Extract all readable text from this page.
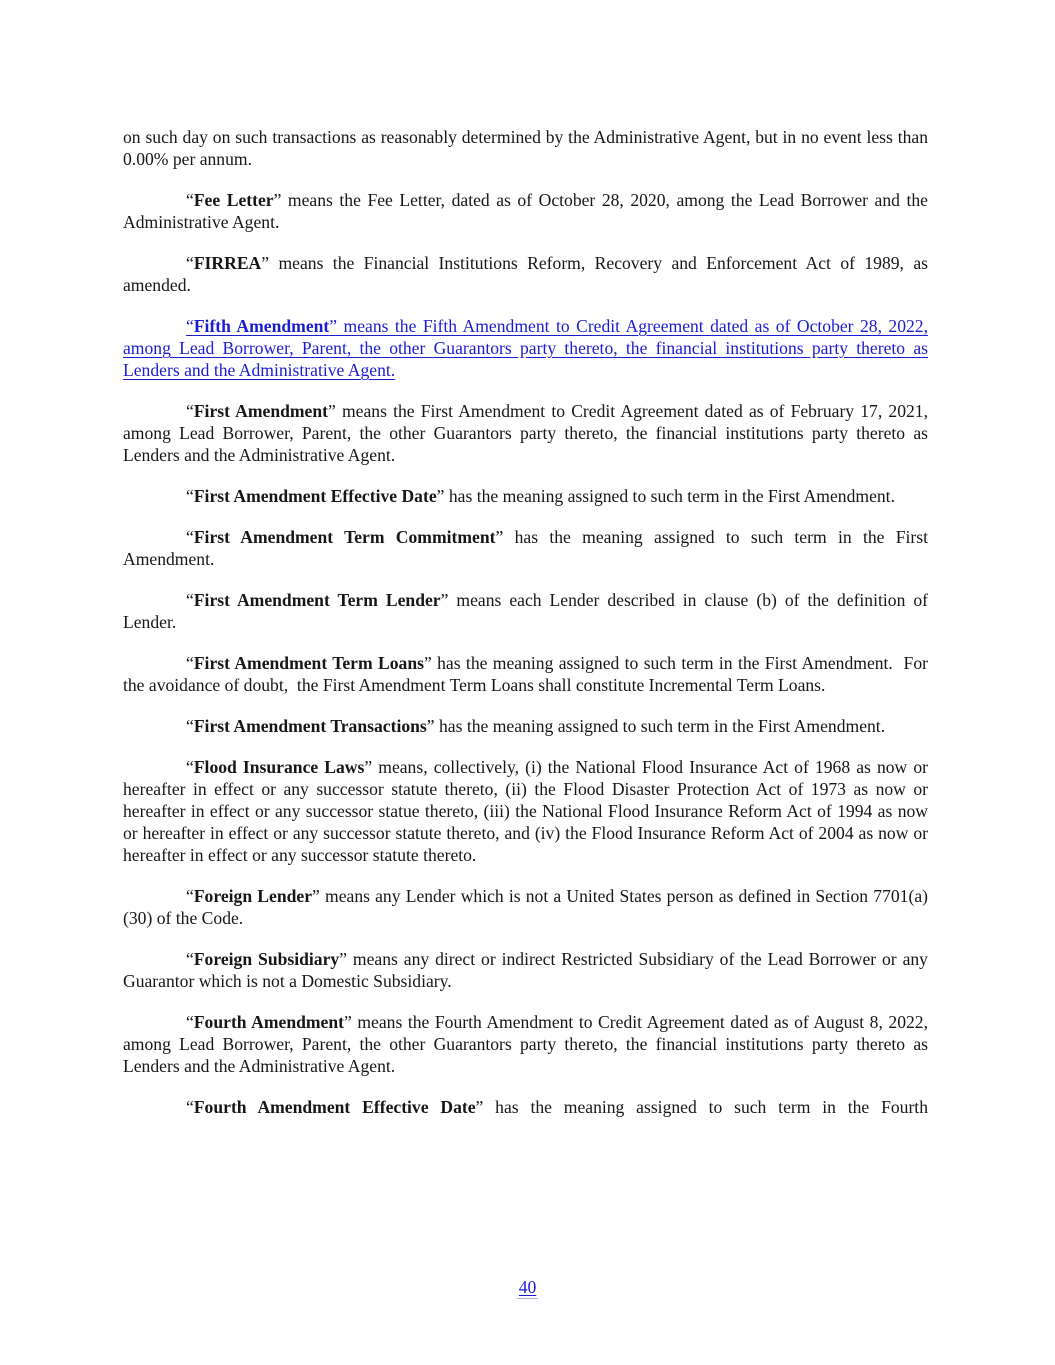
on such day on such transactions as reasonably determined by the Administrative Agent, but in no event less than 0.00% per annum.

“Fee Letter” means the Fee Letter, dated as of October 28, 2020, among the Lead Borrower and the Administrative Agent.

“FIRREA” means the Financial Institutions Reform, Recovery and Enforcement Act of 1989, as amended.

“Fifth Amendment” means the Fifth Amendment to Credit Agreement dated as of October 28, 2022, among Lead Borrower, Parent, the other Guarantors party thereto, the financial institutions party thereto as Lenders and the Administrative Agent.

“First Amendment” means the First Amendment to Credit Agreement dated as of February 17, 2021, among Lead Borrower, Parent, the other Guarantors party thereto, the financial institutions party thereto as Lenders and the Administrative Agent.

“First Amendment Effective Date” has the meaning assigned to such term in the First Amendment.

“First Amendment Term Commitment” has the meaning assigned to such term in the First Amendment.

“First Amendment Term Lender” means each Lender described in clause (b) of the definition of Lender.

“First Amendment Term Loans” has the meaning assigned to such term in the First Amendment.  For the avoidance of doubt,  the First Amendment Term Loans shall constitute Incremental Term Loans.

“First Amendment Transactions” has the meaning assigned to such term in the First Amendment.

“Flood Insurance Laws” means, collectively, (i) the National Flood Insurance Act of 1968 as now or hereafter in effect or any successor statute thereto, (ii) the Flood Disaster Protection Act of 1973 as now or hereafter in effect or any successor statue thereto, (iii) the National Flood Insurance Reform Act of 1994 as now or hereafter in effect or any successor statute thereto, and (iv) the Flood Insurance Reform Act of 2004 as now or hereafter in effect or any successor statute thereto.

“Foreign Lender” means any Lender which is not a United States person as defined in Section 7701(a)(30) of the Code.

“Foreign Subsidiary” means any direct or indirect Restricted Subsidiary of the Lead Borrower or any Guarantor which is not a Domestic Subsidiary.

“Fourth Amendment” means the Fourth Amendment to Credit Agreement dated as of August 8, 2022, among Lead Borrower, Parent, the other Guarantors party thereto, the financial institutions party thereto as Lenders and the Administrative Agent.

“Fourth Amendment Effective Date” has the meaning assigned to such term in the Fourth

40
